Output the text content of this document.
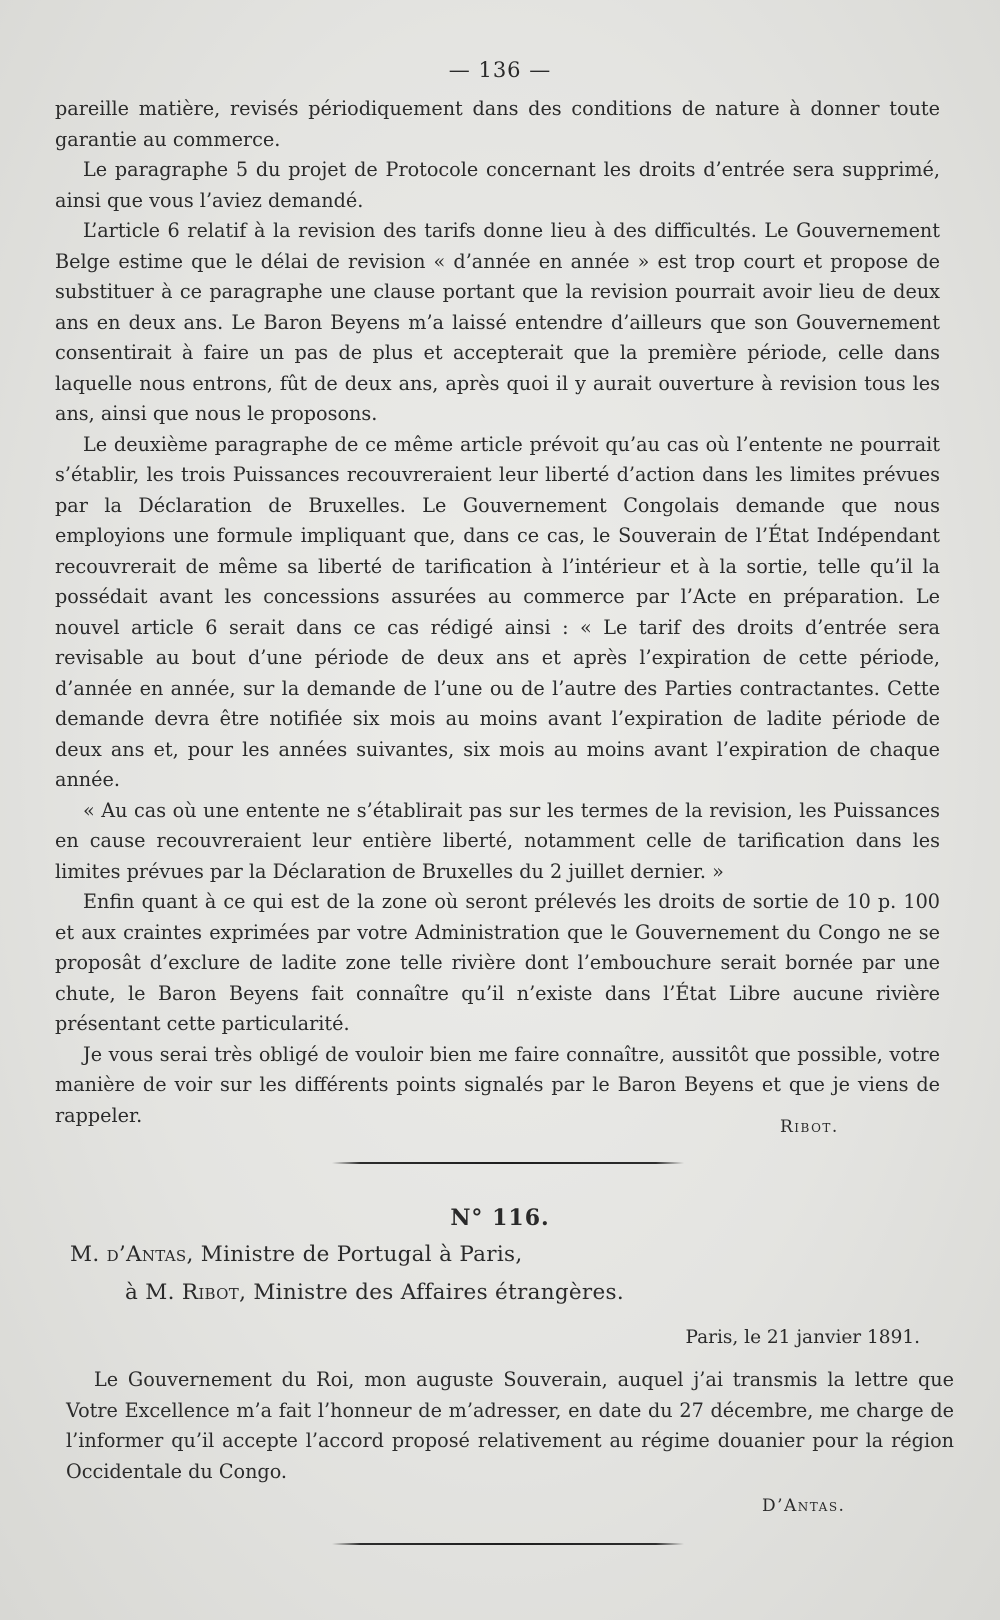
— 136 —

pareille matière, revisés périodiquement dans des conditions de nature à donner toute garantie au commerce.

Le paragraphe 5 du projet de Protocole concernant les droits d’entrée sera supprimé, ainsi que vous l’aviez demandé.

L’article 6 relatif à la revision des tarifs donne lieu à des difficultés. Le Gouvernement Belge estime que le délai de revision « d’année en année » est trop court et propose de substituer à ce paragraphe une clause portant que la revision pourrait avoir lieu de deux ans en deux ans. Le Baron Beyens m’a laissé entendre d’ailleurs que son Gouvernement consentirait à faire un pas de plus et accepterait que la première période, celle dans laquelle nous entrons, fût de deux ans, après quoi il y aurait ouverture à revision tous les ans, ainsi que nous le proposons.

Le deuxième paragraphe de ce même article prévoit qu’au cas où l’entente ne pourrait s’établir, les trois Puissances recouvreraient leur liberté d’action dans les limites prévues par la Déclaration de Bruxelles. Le Gouvernement Congolais demande que nous employions une formule impliquant que, dans ce cas, le Souverain de l’État Indépendant recouvrerait de même sa liberté de tarification à l’intérieur et à la sortie, telle qu’il la possédait avant les concessions assurées au commerce par l’Acte en préparation. Le nouvel article 6 serait dans ce cas rédigé ainsi : « Le tarif des droits d’entrée sera revisable au bout d’une période de deux ans et après l’expiration de cette période, d’année en année, sur la demande de l’une ou de l’autre des Parties contractantes. Cette demande devra être notifiée six mois au moins avant l’expiration de ladite période de deux ans et, pour les années suivantes, six mois au moins avant l’expiration de chaque année.

« Au cas où une entente ne s’établirait pas sur les termes de la revision, les Puissances en cause recouvreraient leur entière liberté, notamment celle de tarification dans les limites prévues par la Déclaration de Bruxelles du 2 juillet dernier. »

Enfin quant à ce qui est de la zone où seront prélevés les droits de sortie de 10 p. 100 et aux craintes exprimées par votre Administration que le Gouvernement du Congo ne se proposât d’exclure de ladite zone telle rivière dont l’embouchure serait bornée par une chute, le Baron Beyens fait connaître qu’il n’existe dans l’État Libre aucune rivière présentant cette particularité.

Je vous serai très obligé de vouloir bien me faire connaître, aussitôt que possible, votre manière de voir sur les différents points signalés par le Baron Beyens et que je viens de rappeler.

Ribot.
N° 116.
M. d’Antas, Ministre de Portugal à Paris,
à M. Ribot, Ministre des Affaires étrangères.
Paris, le 21 janvier 1891.

Le Gouvernement du Roi, mon auguste Souverain, auquel j’ai transmis la lettre que Votre Excellence m’a fait l’honneur de m’adresser, en date du 27 décembre, me charge de l’informer qu’il accepte l’accord proposé relativement au régime douanier pour la région Occidentale du Congo.

D’Antas.
